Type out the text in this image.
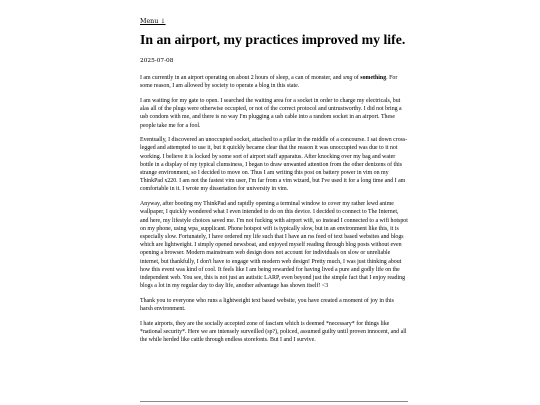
Menu ↓
In an airport, my practices improved my life.
2025-07-08

I am currently in an airport operating on about 2 hours of sleep, a can of monster, and smg of something. For some reason, I am allowed by society to operate a blog in this state.

I am waiting for my gate to open. I searched the waiting area for a socket in order to charge my electricals, but alas all of the plugs were otherwise occupied, or not of the correct protocol and untrustworthy. I did not bring a usb condom with me, and there is no way I'm plugging a usb cable into a random socket in an airport. These people take me for a fool.

Eventually, I discovered an unoccupied socket, attached to a pillar in the middle of a concourse. I sat down cross-legged and attempted to use it, but it quickly became clear that the reason it was unoccupied was due to it not working. I believe it is locked by some sort of airport staff apparatus. After knocking over my bag and water bottle in a display of my typical clumsiness, I began to draw unwanted attention from the other denizens of this strange environment, so I decided to move on. Thus I am writing this post on battery power in vim on my ThinkPad x220. I am not the fastest vim user, I'm far from a vim wizard, but I've used it for a long time and I am comfortable in it. I wrote my dissertation for university in vim.

Anyway, after booting my ThinkPad and rapidly opening a terminal window to cover my rather lewd anime wallpaper, I quickly wondered what I even intended to do on this device. I decided to connect to The Internet, and here, my lifestyle choices saved me. I'm not fucking with airport wifi, so instead I connected to a wifi hotspot on my phone, using wpa_supplicant. Phone hotspot wifi is typically slow, but in an environment like this, it is especially slow. Fortunately, I have ordered my life such that I have an rss feed of text based websites and blogs which are lightweight. I simply opened newsboat, and enjoyed myself reading through blog posts without even opening a browser. Modern mainstream web design does not account for individuals on slow or unreliable internet, but thankfully, I don't have to engage with modern web design! Pretty much, I was just thinking about how this event was kind of cool. It feels like I am being rewarded for having lived a pure and godly life on the independent web. You see, this is not just an autistic LARP, even beyond just the simple fact that I enjoy reading blogs a lot in my regular day to day life, another advantage has shown itself! <3

Thank you to everyone who runs a lightweight text based website, you have created a moment of joy in this harsh environment.

I hate airports, they are the socially accepted zone of fascism which is deemed *necessary* for things like *national security*. Here we are intensely surveilled (sp?), policed, assumed guilty until proven innocent, and all the while herded like cattle through endless storefonts. But I and I survive.
